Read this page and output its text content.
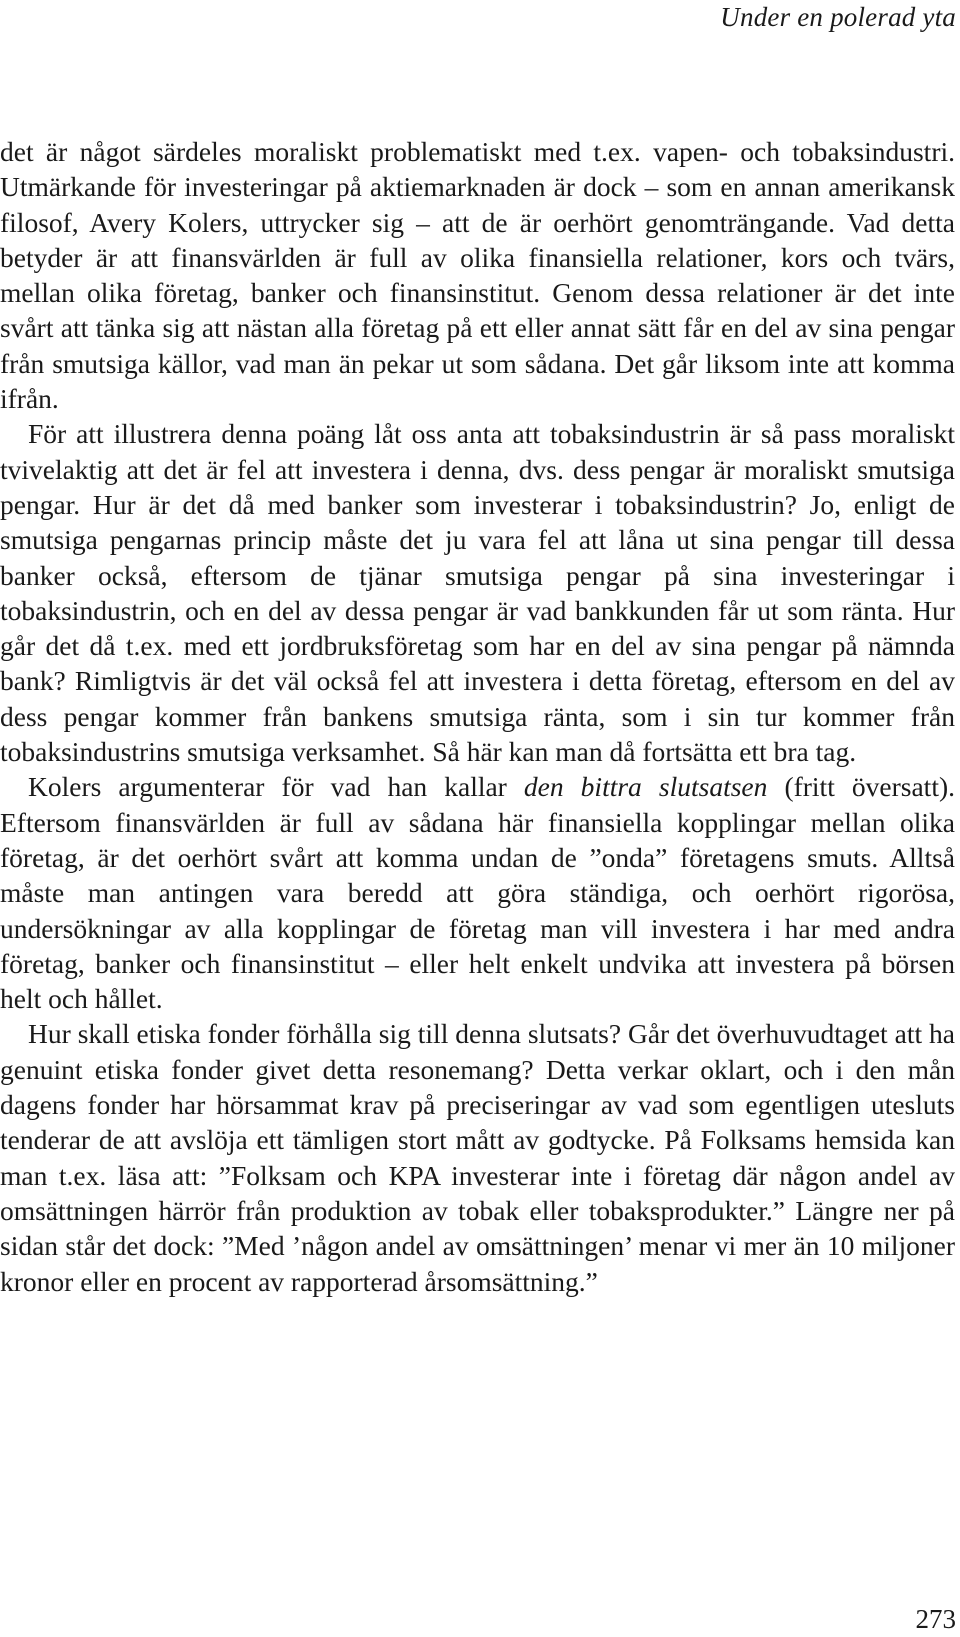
Under en polerad yta

det är något särdeles moraliskt problematiskt med t.ex. vapen- och tobaksindustri. Utmärkande för investeringar på aktiemarknaden är dock – som en annan amerikansk filosof, Avery Kolers, uttrycker sig – att de är oerhört genomträngande. Vad detta betyder är att finansvärlden är full av olika finansiella relationer, kors och tvärs, mellan olika företag, banker och finansinstitut. Genom dessa relationer är det inte svårt att tänka sig att nästan alla företag på ett eller annat sätt får en del av sina pengar från smutsiga källor, vad man än pekar ut som sådana. Det går liksom inte att komma ifrån.

För att illustrera denna poäng låt oss anta att tobaksindustrin är så pass moraliskt tvivelaktig att det är fel att investera i denna, dvs. dess pengar är moraliskt smutsiga pengar. Hur är det då med banker som investerar i tobaksindustrin? Jo, enligt de smutsiga pengarnas princip måste det ju vara fel att låna ut sina pengar till dessa banker också, eftersom de tjänar smutsiga pengar på sina investeringar i tobaksindustrin, och en del av dessa pengar är vad bankkunden får ut som ränta. Hur går det då t.ex. med ett jordbruksföretag som har en del av sina pengar på nämnda bank? Rimligtvis är det väl också fel att investera i detta företag, eftersom en del av dess pengar kommer från bankens smutsiga ränta, som i sin tur kommer från tobaksindustrins smutsiga verksamhet. Så här kan man då fortsätta ett bra tag.

Kolers argumenterar för vad han kallar den bittra slutsatsen (fritt översatt). Eftersom finansvärlden är full av sådana här finansiella kopplingar mellan olika företag, är det oerhört svårt att komma undan de ”onda” företagens smuts. Alltså måste man antingen vara beredd att göra ständiga, och oerhört rigorösa, undersökningar av alla kopplingar de företag man vill investera i har med andra företag, banker och finansinstitut – eller helt enkelt undvika att investera på börsen helt och hållet.

Hur skall etiska fonder förhålla sig till denna slutsats? Går det överhuvudtaget att ha genuint etiska fonder givet detta resonemang? Detta verkar oklart, och i den mån dagens fonder har hörsammat krav på preciseringar av vad som egentligen utesluts tenderar de att avslöja ett tämligen stort mått av godtycke. På Folksams hemsida kan man t.ex. läsa att: ”Folksam och KPA investerar inte i företag där någon andel av omsättningen härrör från produktion av tobak eller tobaksprodukter.” Längre ner på sidan står det dock: ”Med ’någon andel av omsättningen’ menar vi mer än 10 miljoner kronor eller en procent av rapporterad årsomsättning.”

273
